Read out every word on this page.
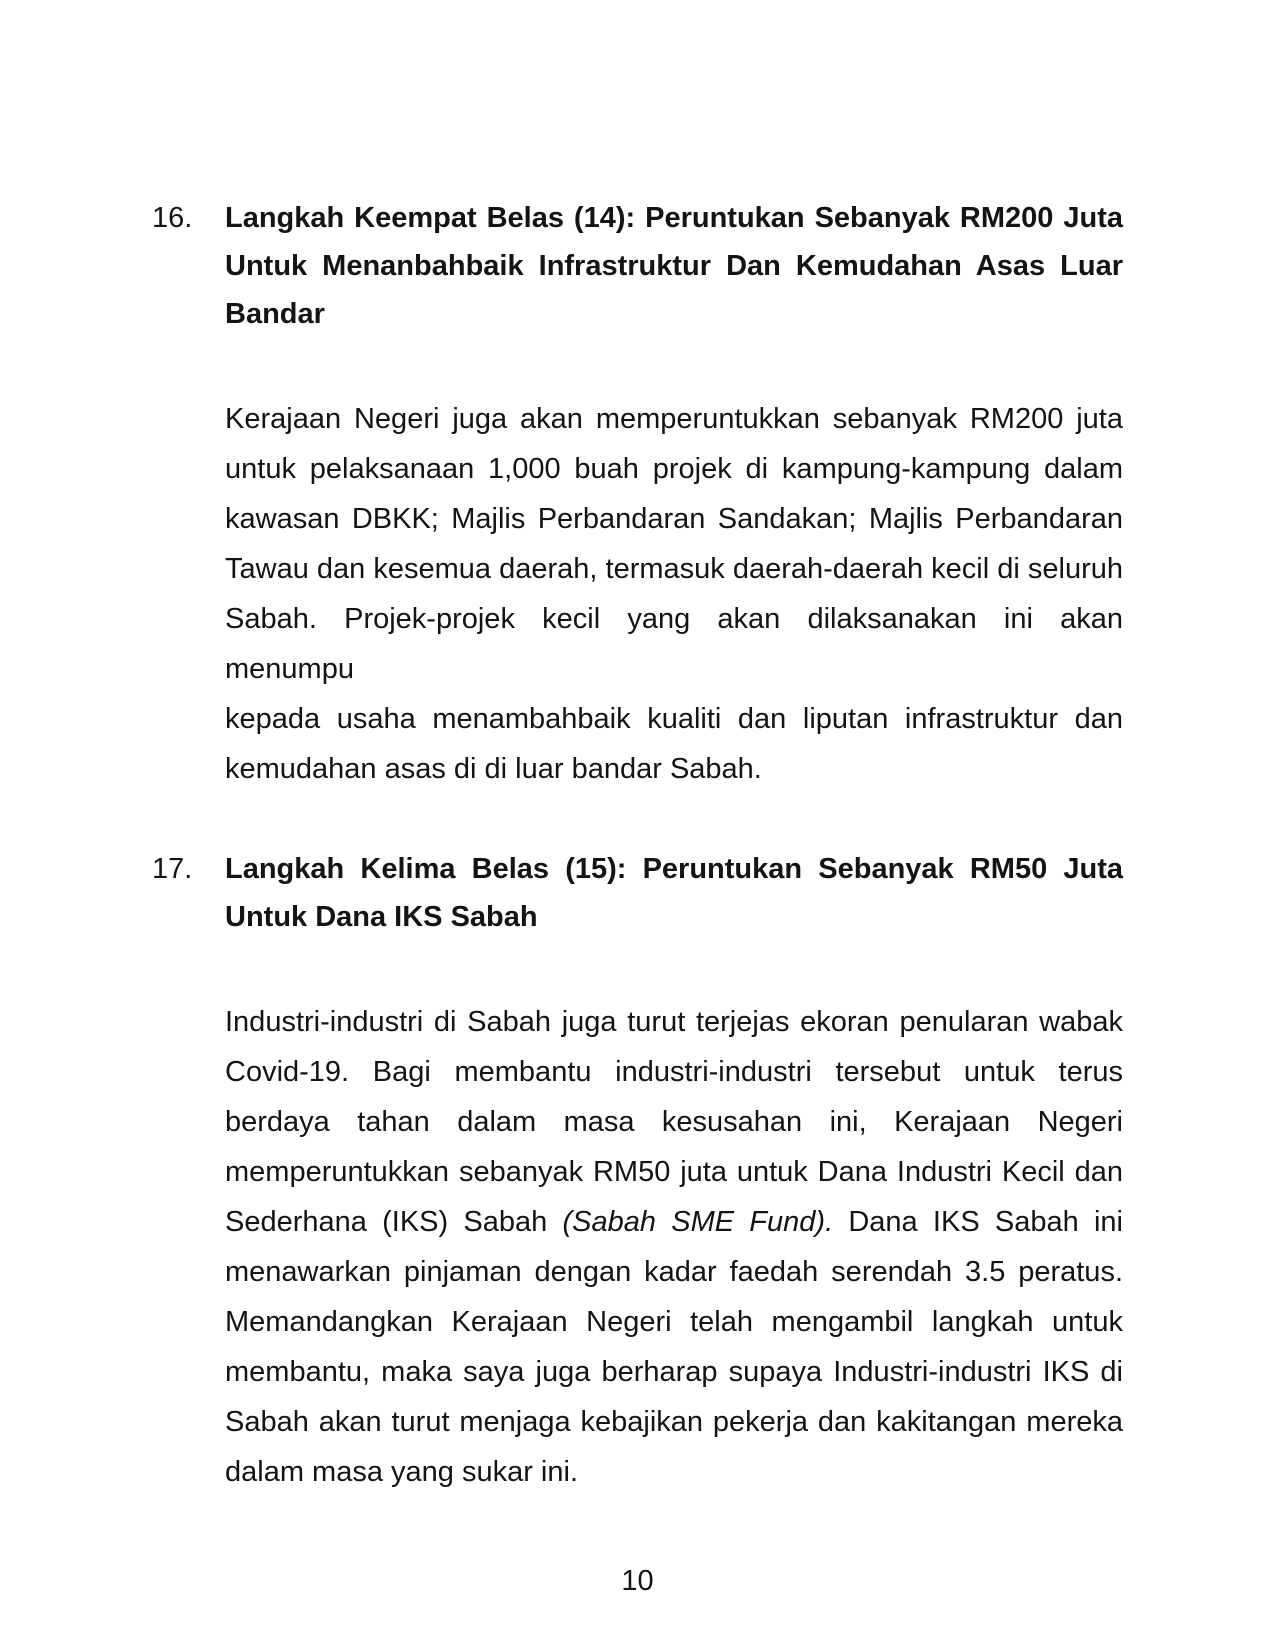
16.	Langkah Keempat Belas (14): Peruntukan Sebanyak RM200 Juta
Untuk Menanbahbaik Infrastruktur Dan Kemudahan Asas Luar
Bandar
Kerajaan Negeri juga akan memperuntukkan sebanyak RM200 juta
untuk pelaksanaan 1,000 buah projek di kampung-kampung dalam
kawasan DBKK; Majlis Perbandaran Sandakan; Majlis Perbandaran
Tawau dan kesemua daerah, termasuk daerah-daerah kecil di seluruh
Sabah. Projek-projek kecil yang akan dilaksanakan ini akan menumpu
kepada usaha menambahbaik kualiti dan liputan infrastruktur dan
kemudahan asas di di luar bandar Sabah.
17.	Langkah Kelima Belas (15): Peruntukan Sebanyak RM50 Juta
Untuk Dana IKS Sabah
Industri-industri di Sabah juga turut terjejas ekoran penularan wabak
Covid-19. Bagi membantu industri-industri tersebut untuk terus
berdaya tahan dalam masa kesusahan ini, Kerajaan Negeri
memperuntukkan sebanyak RM50 juta untuk Dana Industri Kecil dan
Sederhana (IKS) Sabah (Sabah SME Fund). Dana IKS Sabah ini
menawarkan pinjaman dengan kadar faedah serendah 3.5 peratus.
Memandangkan Kerajaan Negeri telah mengambil langkah untuk
membantu, maka saya juga berharap supaya Industri-industri IKS di
Sabah akan turut menjaga kebajikan pekerja dan kakitangan mereka
dalam masa yang sukar ini.
10
